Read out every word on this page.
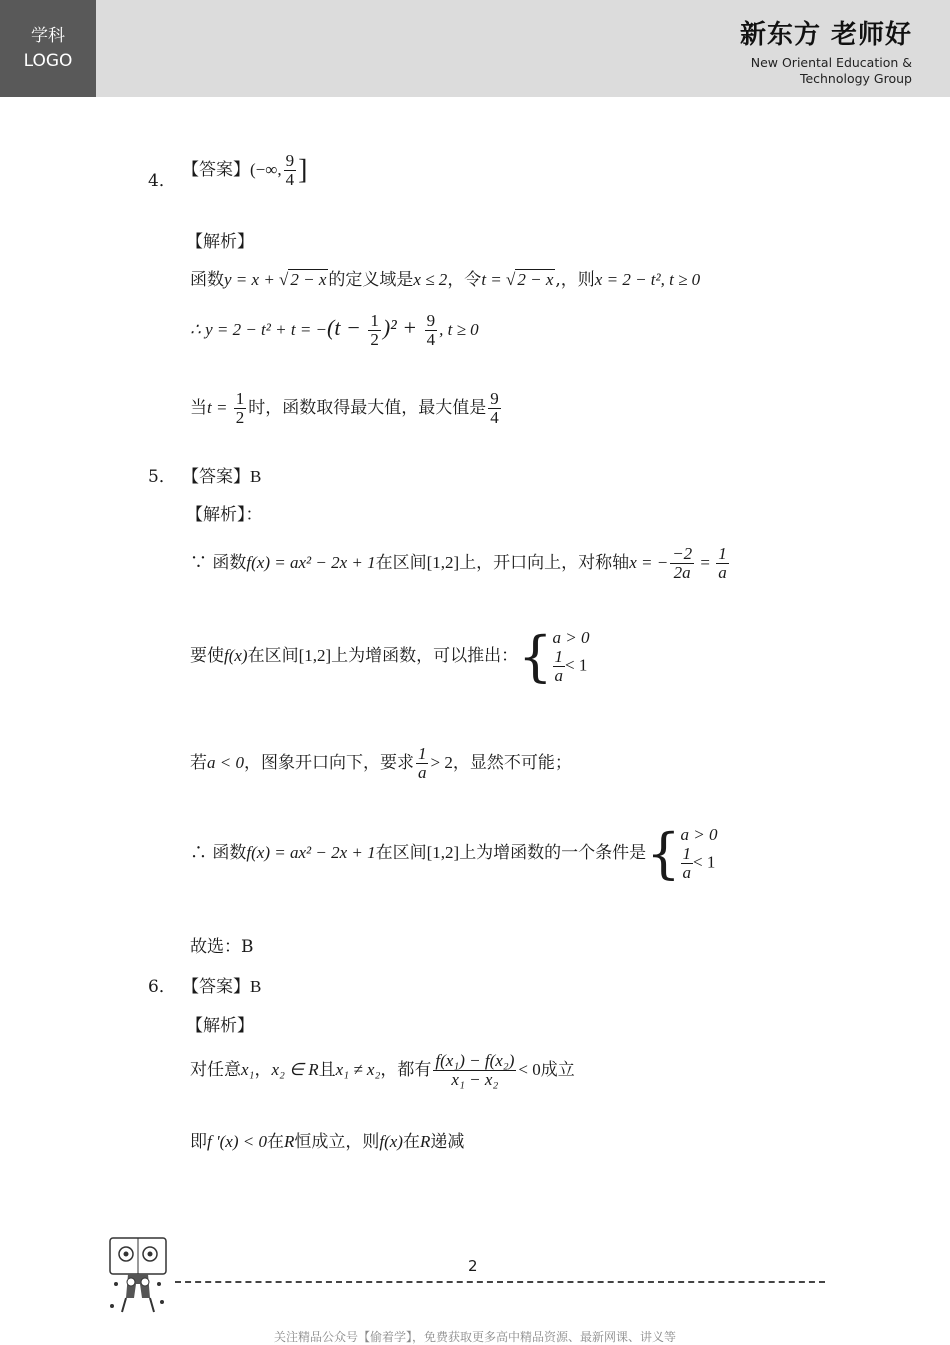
学科
LOGO
新东方 老师好
New Oriental Education &
Technology Group
4．
【答案】(−∞, $\frac{9}{4}$ ]
【解析】
函数y = x + √ 2 − x 的定义域是x ≤ 2，令t = √ 2 − x ,，则x = 2 − t², t ≥ 0
∴ $y = 2 - t^2 + t = -(t - \frac{1}{2} )^2 + \frac{9}{4}$ , t ≥ 0
当$t = \frac{1}{2}$ 时，函数取得最大值，最大值是 $\frac{9}{4}$
5． 【答案】B
【解析】：
∵ 函数f(x) = ax² − 2x + 1在区间[1,2]上，开口向上，对称轴x = − $\frac{-2}{2a} = \frac{1}{a}$
要使f(x)在区间[1,2]上为增函数，可以推出：{ a > 0
$\frac{1}{a} < 1$
若a < 0，图象开口向下，要求 $\frac{1}{a} > 2$，显然不可能；
∴ 函数f(x) = ax² − 2x + 1在区间[1,2]上为增函数的一个条件是{ a > 0
$\frac{1}{a} < 1$
故选：B
6． 【答案】B
【解析】
对任意x₁，x₂ ∈ R且x₁ ≠ x₂，都有 $\frac{\text{f(x₁) − f(x₂)}}{\text{x₁ − x₂}} < 0$成立
即f '(x) < 0在R恒成立，则f(x)在R递减
2
关注精品公众号【偷着学】，免费获取更多高中精品资源、最新网课、讲义等
